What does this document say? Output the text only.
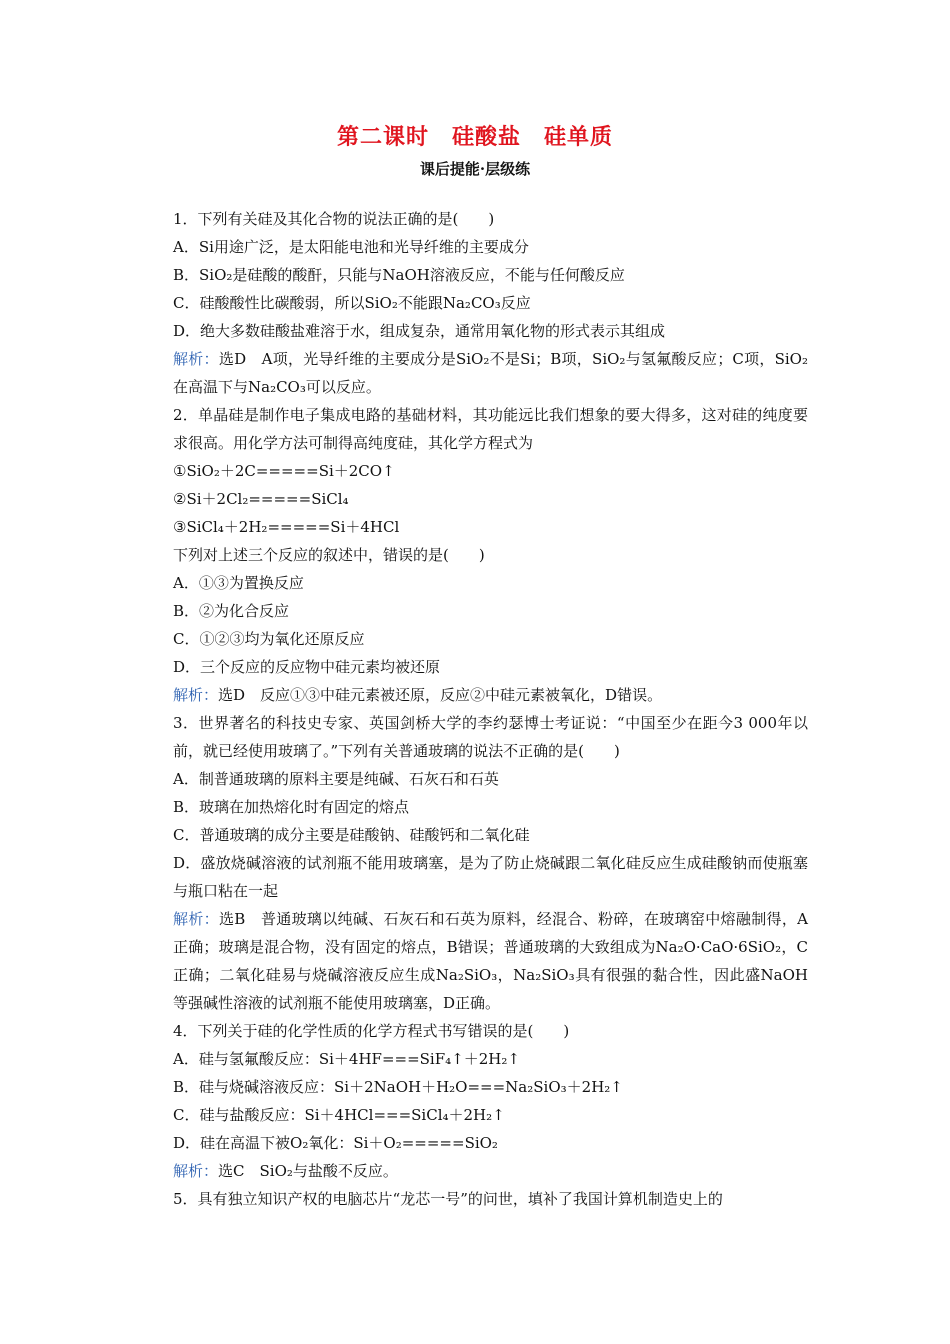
第二课时　硅酸盐　硅单质
课后提能·层级练
1．下列有关硅及其化合物的说法正确的是(　　)
A．Si用途广泛，是太阳能电池和光导纤维的主要成分
B．SiO₂是硅酸的酸酐，只能与NaOH溶液反应，不能与任何酸反应
C．硅酸酸性比碳酸弱，所以SiO₂不能跟Na₂CO₃反应
D．绝大多数硅酸盐难溶于水，组成复杂，通常用氧化物的形式表示其组成
解析：选D　A项，光导纤维的主要成分是SiO₂不是Si；B项，SiO₂与氢氟酸反应；C项，SiO₂在高温下与Na₂CO₃可以反应。
2．单晶硅是制作电子集成电路的基础材料，其功能远比我们想象的要大得多，这对硅的纯度要求很高。用化学方法可制得高纯度硅，其化学方程式为
①SiO₂＋2C=====Si＋2CO↑
②Si＋2Cl₂=====SiCl₄
③SiCl₄＋2H₂=====Si＋4HCl
下列对上述三个反应的叙述中，错误的是(　　)
A．①③为置换反应
B．②为化合反应
C．①②③均为氧化还原反应
D．三个反应的反应物中硅元素均被还原
解析：选D　反应①③中硅元素被还原，反应②中硅元素被氧化，D错误。
3．世界著名的科技史专家、英国剑桥大学的李约瑟博士考证说：“中国至少在距今3 000年以前，就已经使用玻璃了。”下列有关普通玻璃的说法不正确的是(　　)
A．制普通玻璃的原料主要是纯碱、石灰石和石英
B．玻璃在加热熔化时有固定的熔点
C．普通玻璃的成分主要是硅酸钠、硅酸钙和二氧化硅
D．盛放烧碱溶液的试剂瓶不能用玻璃塞，是为了防止烧碱跟二氧化硅反应生成硅酸钠而使瓶塞与瓶口粘在一起
解析：选B　普通玻璃以纯碱、石灰石和石英为原料，经混合、粉碎，在玻璃窑中熔融制得，A正确；玻璃是混合物，没有固定的熔点，B错误；普通玻璃的大致组成为Na₂O·CaO·6SiO₂，C正确；二氧化硅易与烧碱溶液反应生成Na₂SiO₃，Na₂SiO₃具有很强的黏合性，因此盛NaOH等强碱性溶液的试剂瓶不能使用玻璃塞，D正确。
4．下列关于硅的化学性质的化学方程式书写错误的是(　　)
A．硅与氢氟酸反应：Si＋4HF===SiF₄↑＋2H₂↑
B．硅与烧碱溶液反应：Si＋2NaOH＋H₂O===Na₂SiO₃＋2H₂↑
C．硅与盐酸反应：Si＋4HCl===SiCl₄＋2H₂↑
D．硅在高温下被O₂氧化：Si＋O₂=====SiO₂
解析：选C　SiO₂与盐酸不反应。
5．具有独立知识产权的电脑芯片“龙芯一号”的问世，填补了我国计算机制造史上的
